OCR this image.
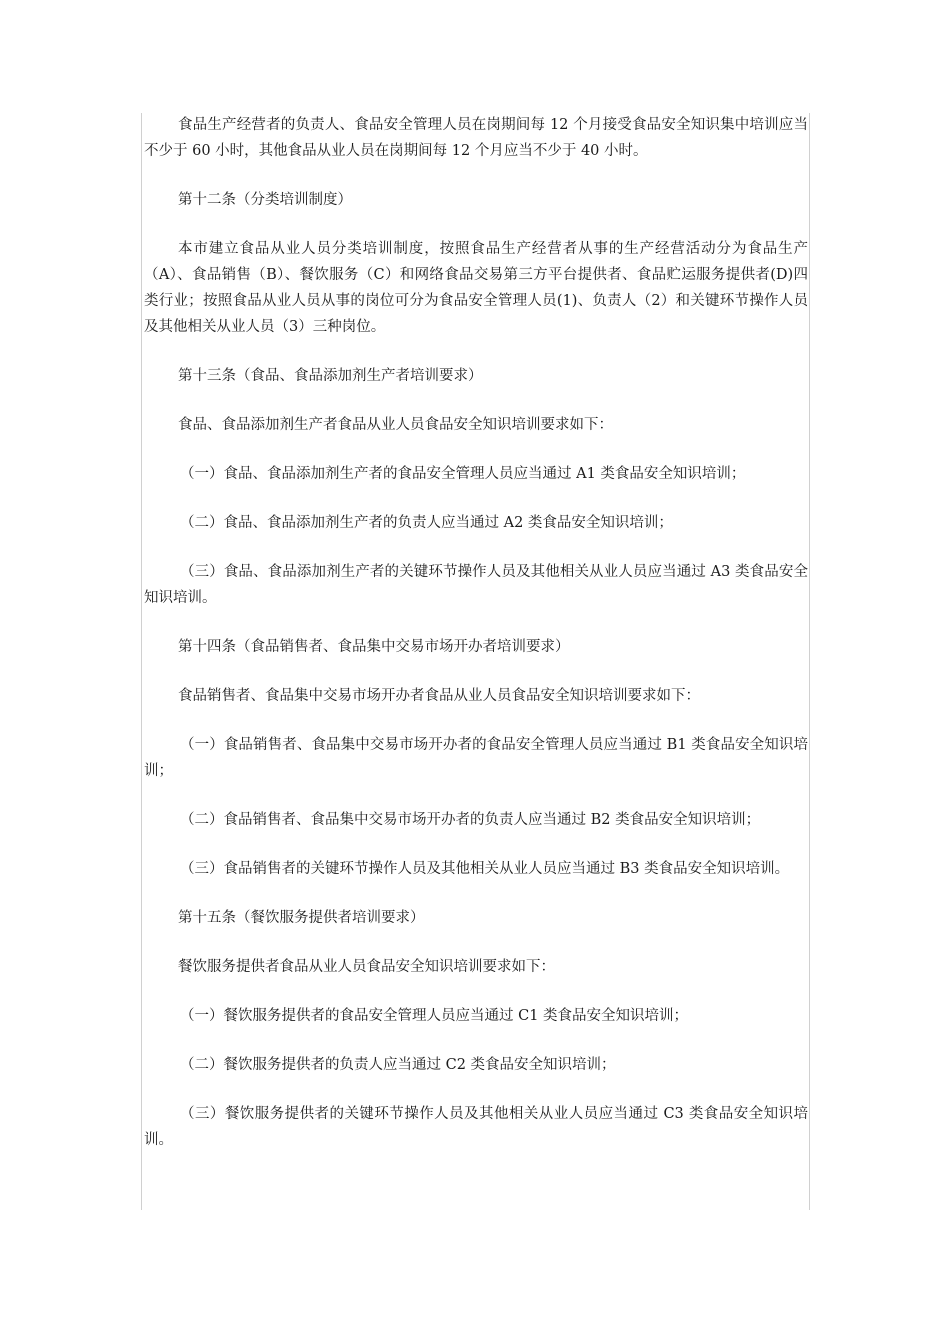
食品生产经营者的负责人、食品安全管理人员在岗期间每 12 个月接受食品安全知识集中培训应当不少于 60 小时，其他食品从业人员在岗期间每 12 个月应当不少于 40 小时。

第十二条（分类培训制度）

本市建立食品从业人员分类培训制度，按照食品生产经营者从事的生产经营活动分为食品生产（A）、食品销售（B）、餐饮服务（C）和网络食品交易第三方平台提供者、食品贮运服务提供者(D)四类行业；按照食品从业人员从事的岗位可分为食品安全管理人员(1)、负责人（2）和关键环节操作人员及其他相关从业人员（3）三种岗位。

第十三条（食品、食品添加剂生产者培训要求）

食品、食品添加剂生产者食品从业人员食品安全知识培训要求如下：

（一）食品、食品添加剂生产者的食品安全管理人员应当通过 A1 类食品安全知识培训；

（二）食品、食品添加剂生产者的负责人应当通过 A2 类食品安全知识培训；

（三）食品、食品添加剂生产者的关键环节操作人员及其他相关从业人员应当通过 A3 类食品安全知识培训。

第十四条（食品销售者、食品集中交易市场开办者培训要求）

食品销售者、食品集中交易市场开办者食品从业人员食品安全知识培训要求如下：

（一）食品销售者、食品集中交易市场开办者的食品安全管理人员应当通过 B1 类食品安全知识培训；

（二）食品销售者、食品集中交易市场开办者的负责人应当通过 B2 类食品安全知识培训；

（三）食品销售者的关键环节操作人员及其他相关从业人员应当通过 B3 类食品安全知识培训。

第十五条（餐饮服务提供者培训要求）

餐饮服务提供者食品从业人员食品安全知识培训要求如下：

（一）餐饮服务提供者的食品安全管理人员应当通过 C1 类食品安全知识培训；

（二）餐饮服务提供者的负责人应当通过 C2 类食品安全知识培训；

（三）餐饮服务提供者的关键环节操作人员及其他相关从业人员应当通过 C3 类食品安全知识培训。
